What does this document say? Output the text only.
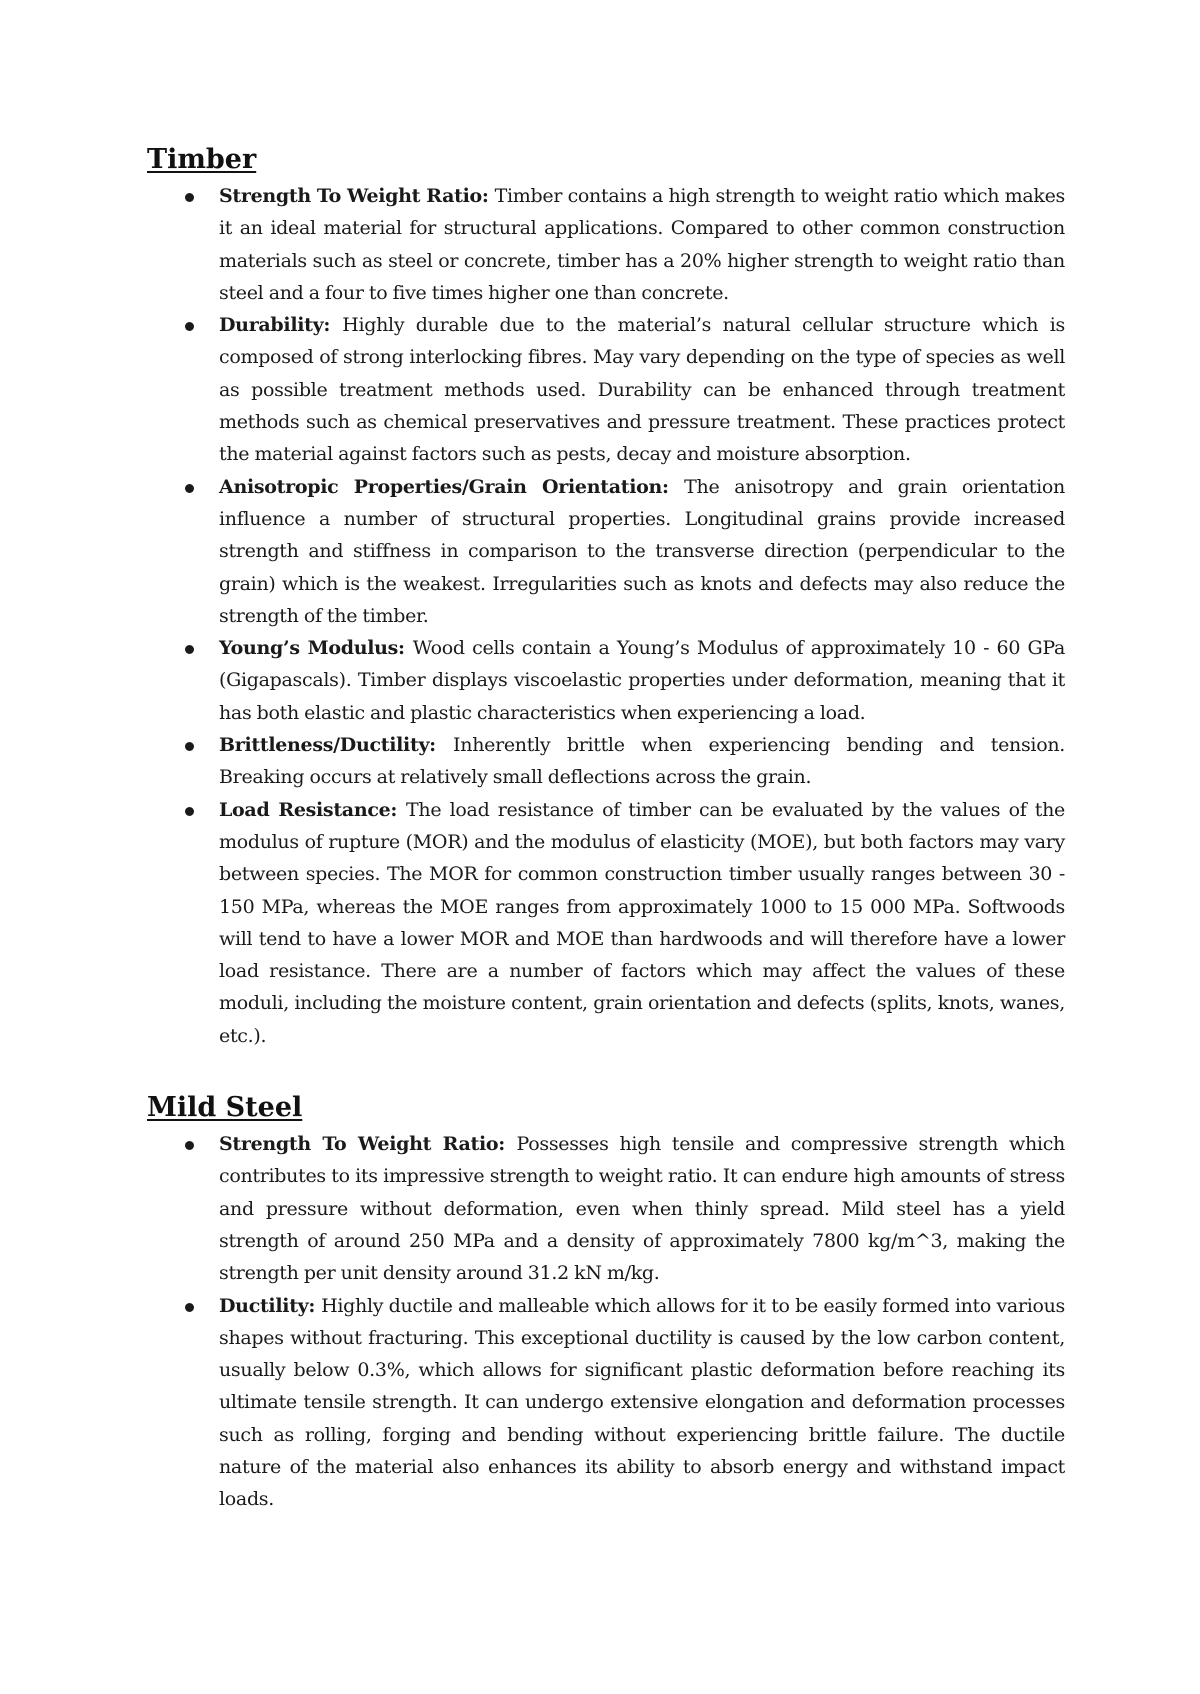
Timber
Strength To Weight Ratio: Timber contains a high strength to weight ratio which makes it an ideal material for structural applications. Compared to other common construction materials such as steel or concrete, timber has a 20% higher strength to weight ratio than steel and a four to five times higher one than concrete.
Durability: Highly durable due to the material’s natural cellular structure which is composed of strong interlocking fibres. May vary depending on the type of species as well as possible treatment methods used. Durability can be enhanced through treatment methods such as chemical preservatives and pressure treatment. These practices protect the material against factors such as pests, decay and moisture absorption.
Anisotropic Properties/Grain Orientation: The anisotropy and grain orientation influence a number of structural properties. Longitudinal grains provide increased strength and stiffness in comparison to the transverse direction (perpendicular to the grain) which is the weakest. Irregularities such as knots and defects may also reduce the strength of the timber.
Young’s Modulus: Wood cells contain a Young’s Modulus of approximately 10 - 60 GPa (Gigapascals). Timber displays viscoelastic properties under deformation, meaning that it has both elastic and plastic characteristics when experiencing a load.
Brittleness/Ductility: Inherently brittle when experiencing bending and tension. Breaking occurs at relatively small deflections across the grain.
Load Resistance: The load resistance of timber can be evaluated by the values of the modulus of rupture (MOR) and the modulus of elasticity (MOE), but both factors may vary between species. The MOR for common construction timber usually ranges between 30 - 150 MPa, whereas the MOE ranges from approximately 1000 to 15 000 MPa. Softwoods will tend to have a lower MOR and MOE than hardwoods and will therefore have a lower load resistance. There are a number of factors which may affect the values of these moduli, including the moisture content, grain orientation and defects (splits, knots, wanes, etc.).
Mild Steel
Strength To Weight Ratio: Possesses high tensile and compressive strength which contributes to its impressive strength to weight ratio. It can endure high amounts of stress and pressure without deformation, even when thinly spread. Mild steel has a yield strength of around 250 MPa and a density of approximately 7800 kg/m^3, making the strength per unit density around 31.2 kN m/kg.
Ductility: Highly ductile and malleable which allows for it to be easily formed into various shapes without fracturing. This exceptional ductility is caused by the low carbon content, usually below 0.3%, which allows for significant plastic deformation before reaching its ultimate tensile strength. It can undergo extensive elongation and deformation processes such as rolling, forging and bending without experiencing brittle failure. The ductile nature of the material also enhances its ability to absorb energy and withstand impact loads.
